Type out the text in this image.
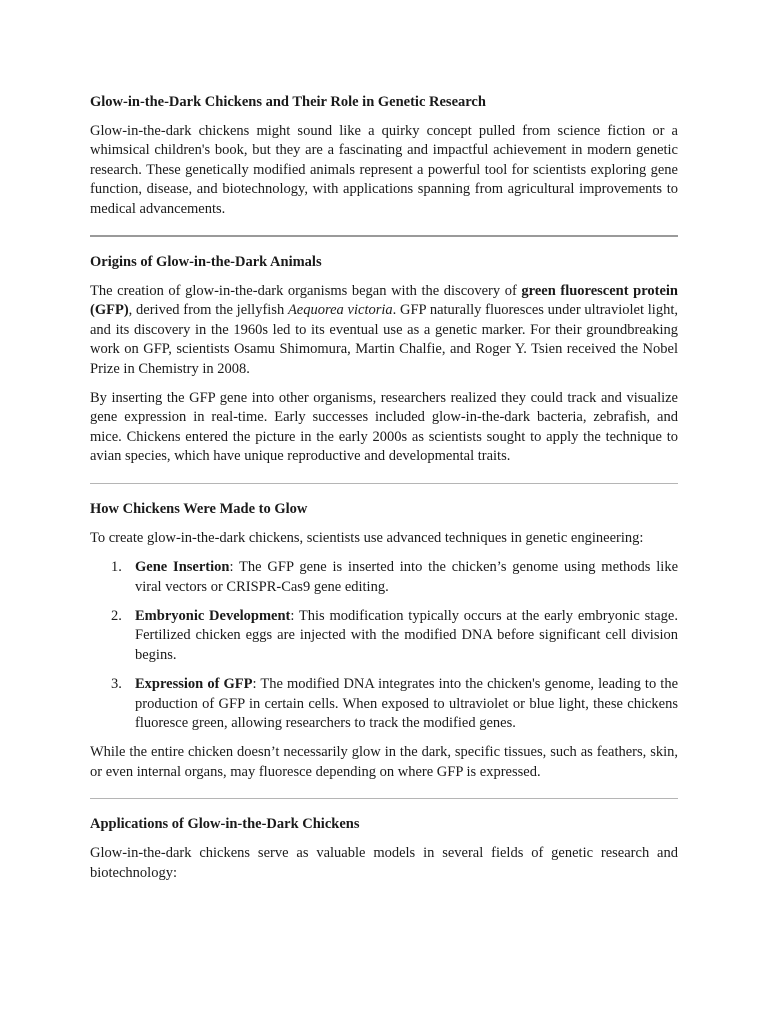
Glow-in-the-Dark Chickens and Their Role in Genetic Research

Glow-in-the-dark chickens might sound like a quirky concept pulled from science fiction or a whimsical children's book, but they are a fascinating and impactful achievement in modern genetic research. These genetically modified animals represent a powerful tool for scientists exploring gene function, disease, and biotechnology, with applications spanning from agricultural improvements to medical advancements.

Origins of Glow-in-the-Dark Animals

The creation of glow-in-the-dark organisms began with the discovery of green fluorescent protein (GFP), derived from the jellyfish Aequorea victoria. GFP naturally fluoresces under ultraviolet light, and its discovery in the 1960s led to its eventual use as a genetic marker. For their groundbreaking work on GFP, scientists Osamu Shimomura, Martin Chalfie, and Roger Y. Tsien received the Nobel Prize in Chemistry in 2008.

By inserting the GFP gene into other organisms, researchers realized they could track and visualize gene expression in real-time. Early successes included glow-in-the-dark bacteria, zebrafish, and mice. Chickens entered the picture in the early 2000s as scientists sought to apply the technique to avian species, which have unique reproductive and developmental traits.

How Chickens Were Made to Glow

To create glow-in-the-dark chickens, scientists use advanced techniques in genetic engineering:

1. Gene Insertion: The GFP gene is inserted into the chicken’s genome using methods like viral vectors or CRISPR-Cas9 gene editing.
2. Embryonic Development: This modification typically occurs at the early embryonic stage. Fertilized chicken eggs are injected with the modified DNA before significant cell division begins.
3. Expression of GFP: The modified DNA integrates into the chicken's genome, leading to the production of GFP in certain cells. When exposed to ultraviolet or blue light, these chickens fluoresce green, allowing researchers to track the modified genes.

While the entire chicken doesn’t necessarily glow in the dark, specific tissues, such as feathers, skin, or even internal organs, may fluoresce depending on where GFP is expressed.

Applications of Glow-in-the-Dark Chickens

Glow-in-the-dark chickens serve as valuable models in several fields of genetic research and biotechnology:
